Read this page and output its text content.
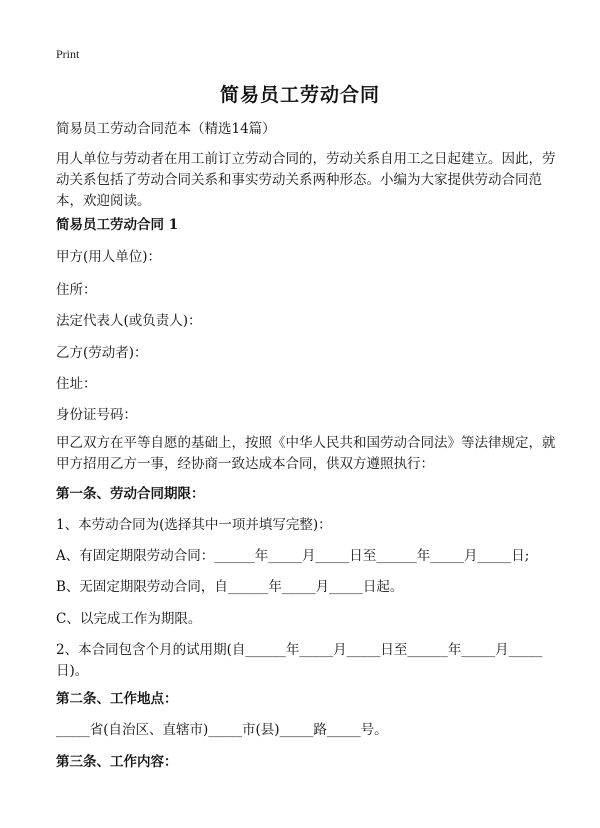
Print
简易员工劳动合同
简易员工劳动合同范本（精选14篇）
用人单位与劳动者在用工前订立劳动合同的，劳动关系自用工之日起建立。因此，劳动关系包括了劳动合同关系和事实劳动关系两种形态。小编为大家提供劳动合同范本，欢迎阅读。
简易员工劳动合同 1
甲方(用人单位)：
住所：
法定代表人(或负责人)：
乙方(劳动者)：
住址：
身份证号码：
甲乙双方在平等自愿的基础上，按照《中华人民共和国劳动合同法》等法律规定，就甲方招用乙方一事，经协商一致达成本合同，供双方遵照执行：
第一条、劳动合同期限：
1、本劳动合同为(选择其中一项并填写完整)：
A、有固定期限劳动合同：______年_____月_____日至______年_____月_____日;
B、无固定期限劳动合同，自______年_____月_____日起。
C、以完成工作为期限。
2、本合同包含个月的试用期(自______年_____月_____日至______年_____月_____日)。
第二条、工作地点：
_____省(自治区、直辖市)_____市(县)_____路_____号。
第三条、工作内容：
